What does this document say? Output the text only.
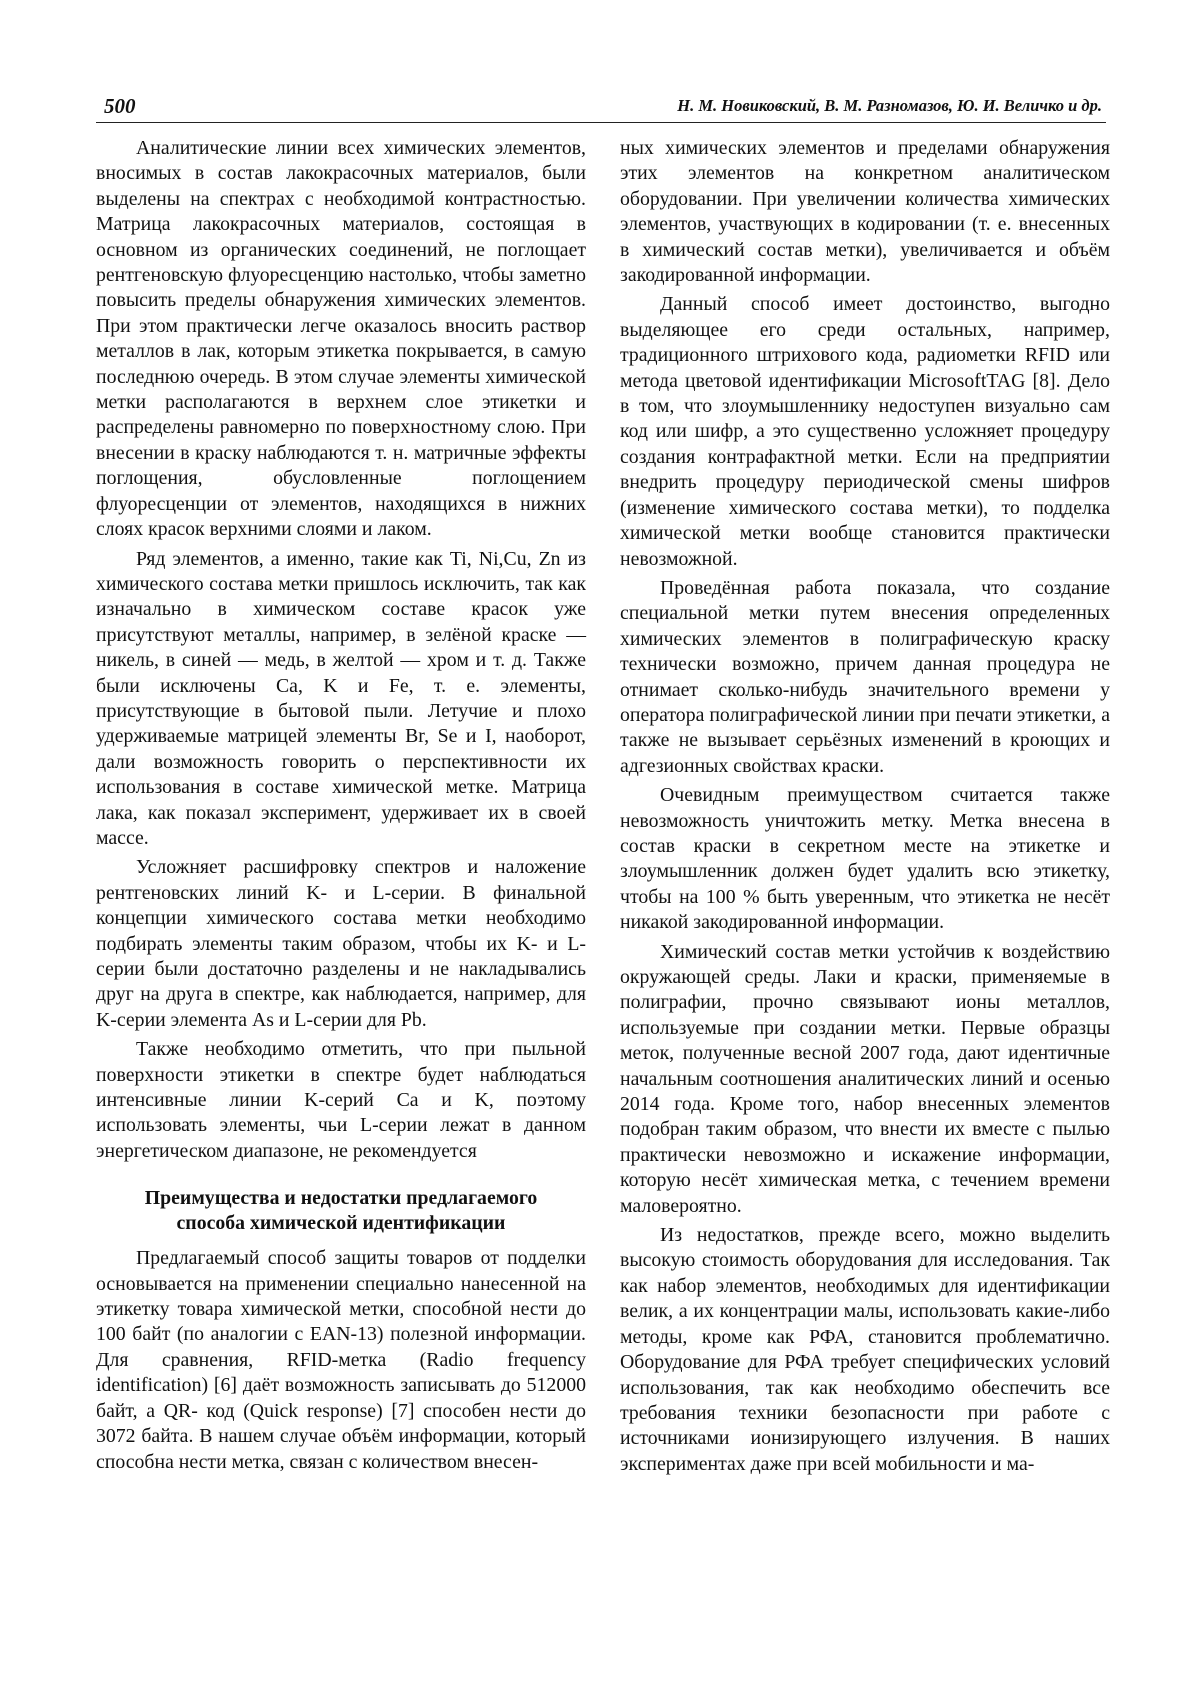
500	Н. М. Новиковский, В. М. Разномазов, Ю. И. Величко и др.

Аналитические линии всех химических элементов, вносимых в состав лакокрасочных материалов, были выделены на спектрах с необходимой контрастностью. Матрица лакокрасочных материалов, состоящая в основном из органических соединений, не поглощает рентгеновскую флуоресценцию настолько, чтобы заметно повысить пределы обнаружения химических элементов. При этом практически легче оказалось вносить раствор металлов в лак, которым этикетка покрывается, в самую последнюю очередь. В этом случае элементы химической метки располагаются в верхнем слое этикетки и распределены равномерно по поверхностному слою. При внесении в краску наблюдаются т. н. матричные эффекты поглощения, обусловленные поглощением флуоресценции от элементов, находящихся в нижних слоях красок верхними слоями и лаком.

Ряд элементов, а именно, такие как Ti, Ni,Cu, Zn из химического состава метки пришлось исключить, так как изначально в химическом составе красок уже присутствуют металлы, например, в зелёной краске — никель, в синей — медь, в желтой — хром и т. д. Также были исключены Ca, K и Fe, т. е. элементы, присутствующие в бытовой пыли. Летучие и плохо удерживаемые матрицей элементы Br, Se и I, наоборот, дали возможность говорить о перспективности их использования в составе химической метке. Матрица лака, как показал эксперимент, удерживает их в своей массе.

Усложняет расшифровку спектров и наложение рентгеновских линий K- и L-серии. В финальной концепции химического состава метки необходимо подбирать элементы таким образом, чтобы их K- и L-серии были достаточно разделены и не накладывались друг на друга в спектре, как наблюдается, например, для K-серии элемента As и L-серии для Pb.

Также необходимо отметить, что при пыльной поверхности этикетки в спектре будет наблюдаться интенсивные линии K-серий Ca и K, поэтому использовать элементы, чьи L-серии лежат в данном энергетическом диапазоне, не рекомендуется

Преимущества и недостатки предлагаемого
способа химической идентификации

Предлагаемый способ защиты товаров от подделки основывается на применении специально нанесенной на этикетку товара химической метки, способной нести до 100 байт (по аналогии с EAN-13) полезной информации. Для сравнения, RFID-метка (Radio frequency identification) [6] даёт возможность записывать до 512000 байт, а QR- код (Quick response) [7] способен нести до 3072 байта. В нашем случае объём информации, который способна нести метка, связан с количеством внесен-

ных химических элементов и пределами обнаружения этих элементов на конкретном аналитическом оборудовании. При увеличении количества химических элементов, участвующих в кодировании (т. е. внесенных в химический состав метки), увеличивается и объём закодированной информации.

Данный способ имеет достоинство, выгодно выделяющее его среди остальных, например, традиционного штрихового кода, радиометки RFID или метода цветовой идентификации MicrosoftTAG [8]. Дело в том, что злоумышленнику недоступен визуально сам код или шифр, а это существенно усложняет процедуру создания контрафактной метки. Если на предприятии внедрить процедуру периодической смены шифров (изменение химического состава метки), то подделка химической метки вообще становится практически невозможной.

Проведённая работа показала, что создание специальной метки путем внесения определенных химических элементов в полиграфическую краску технически возможно, причем данная процедура не отнимает сколько-нибудь значительного времени у оператора полиграфической линии при печати этикетки, а также не вызывает серьёзных изменений в кроющих и адгезионных свойствах краски.

Очевидным преимуществом считается также невозможность уничтожить метку. Метка внесена в состав краски в секретном месте на этикетке и злоумышленник должен будет удалить всю этикетку, чтобы на 100 % быть уверенным, что этикетка не несёт никакой закодированной информации.

Химический состав метки устойчив к воздействию окружающей среды. Лаки и краски, применяемые в полиграфии, прочно связывают ионы металлов, используемые при создании метки. Первые образцы меток, полученные весной 2007 года, дают идентичные начальным соотношения аналитических линий и осенью 2014 года. Кроме того, набор внесенных элементов подобран таким образом, что внести их вместе с пылью практически невозможно и искажение информации, которую несёт химическая метка, с течением времени маловероятно.

Из недостатков, прежде всего, можно выделить высокую стоимость оборудования для исследования. Так как набор элементов, необходимых для идентификации велик, а их концентрации малы, использовать какие-либо методы, кроме как РФА, становится проблематично. Оборудование для РФА требует специфических условий использования, так как необходимо обеспечить все требования техники безопасности при работе с источниками ионизирующего излучения. В наших экспериментах даже при всей мобильности и ма-
